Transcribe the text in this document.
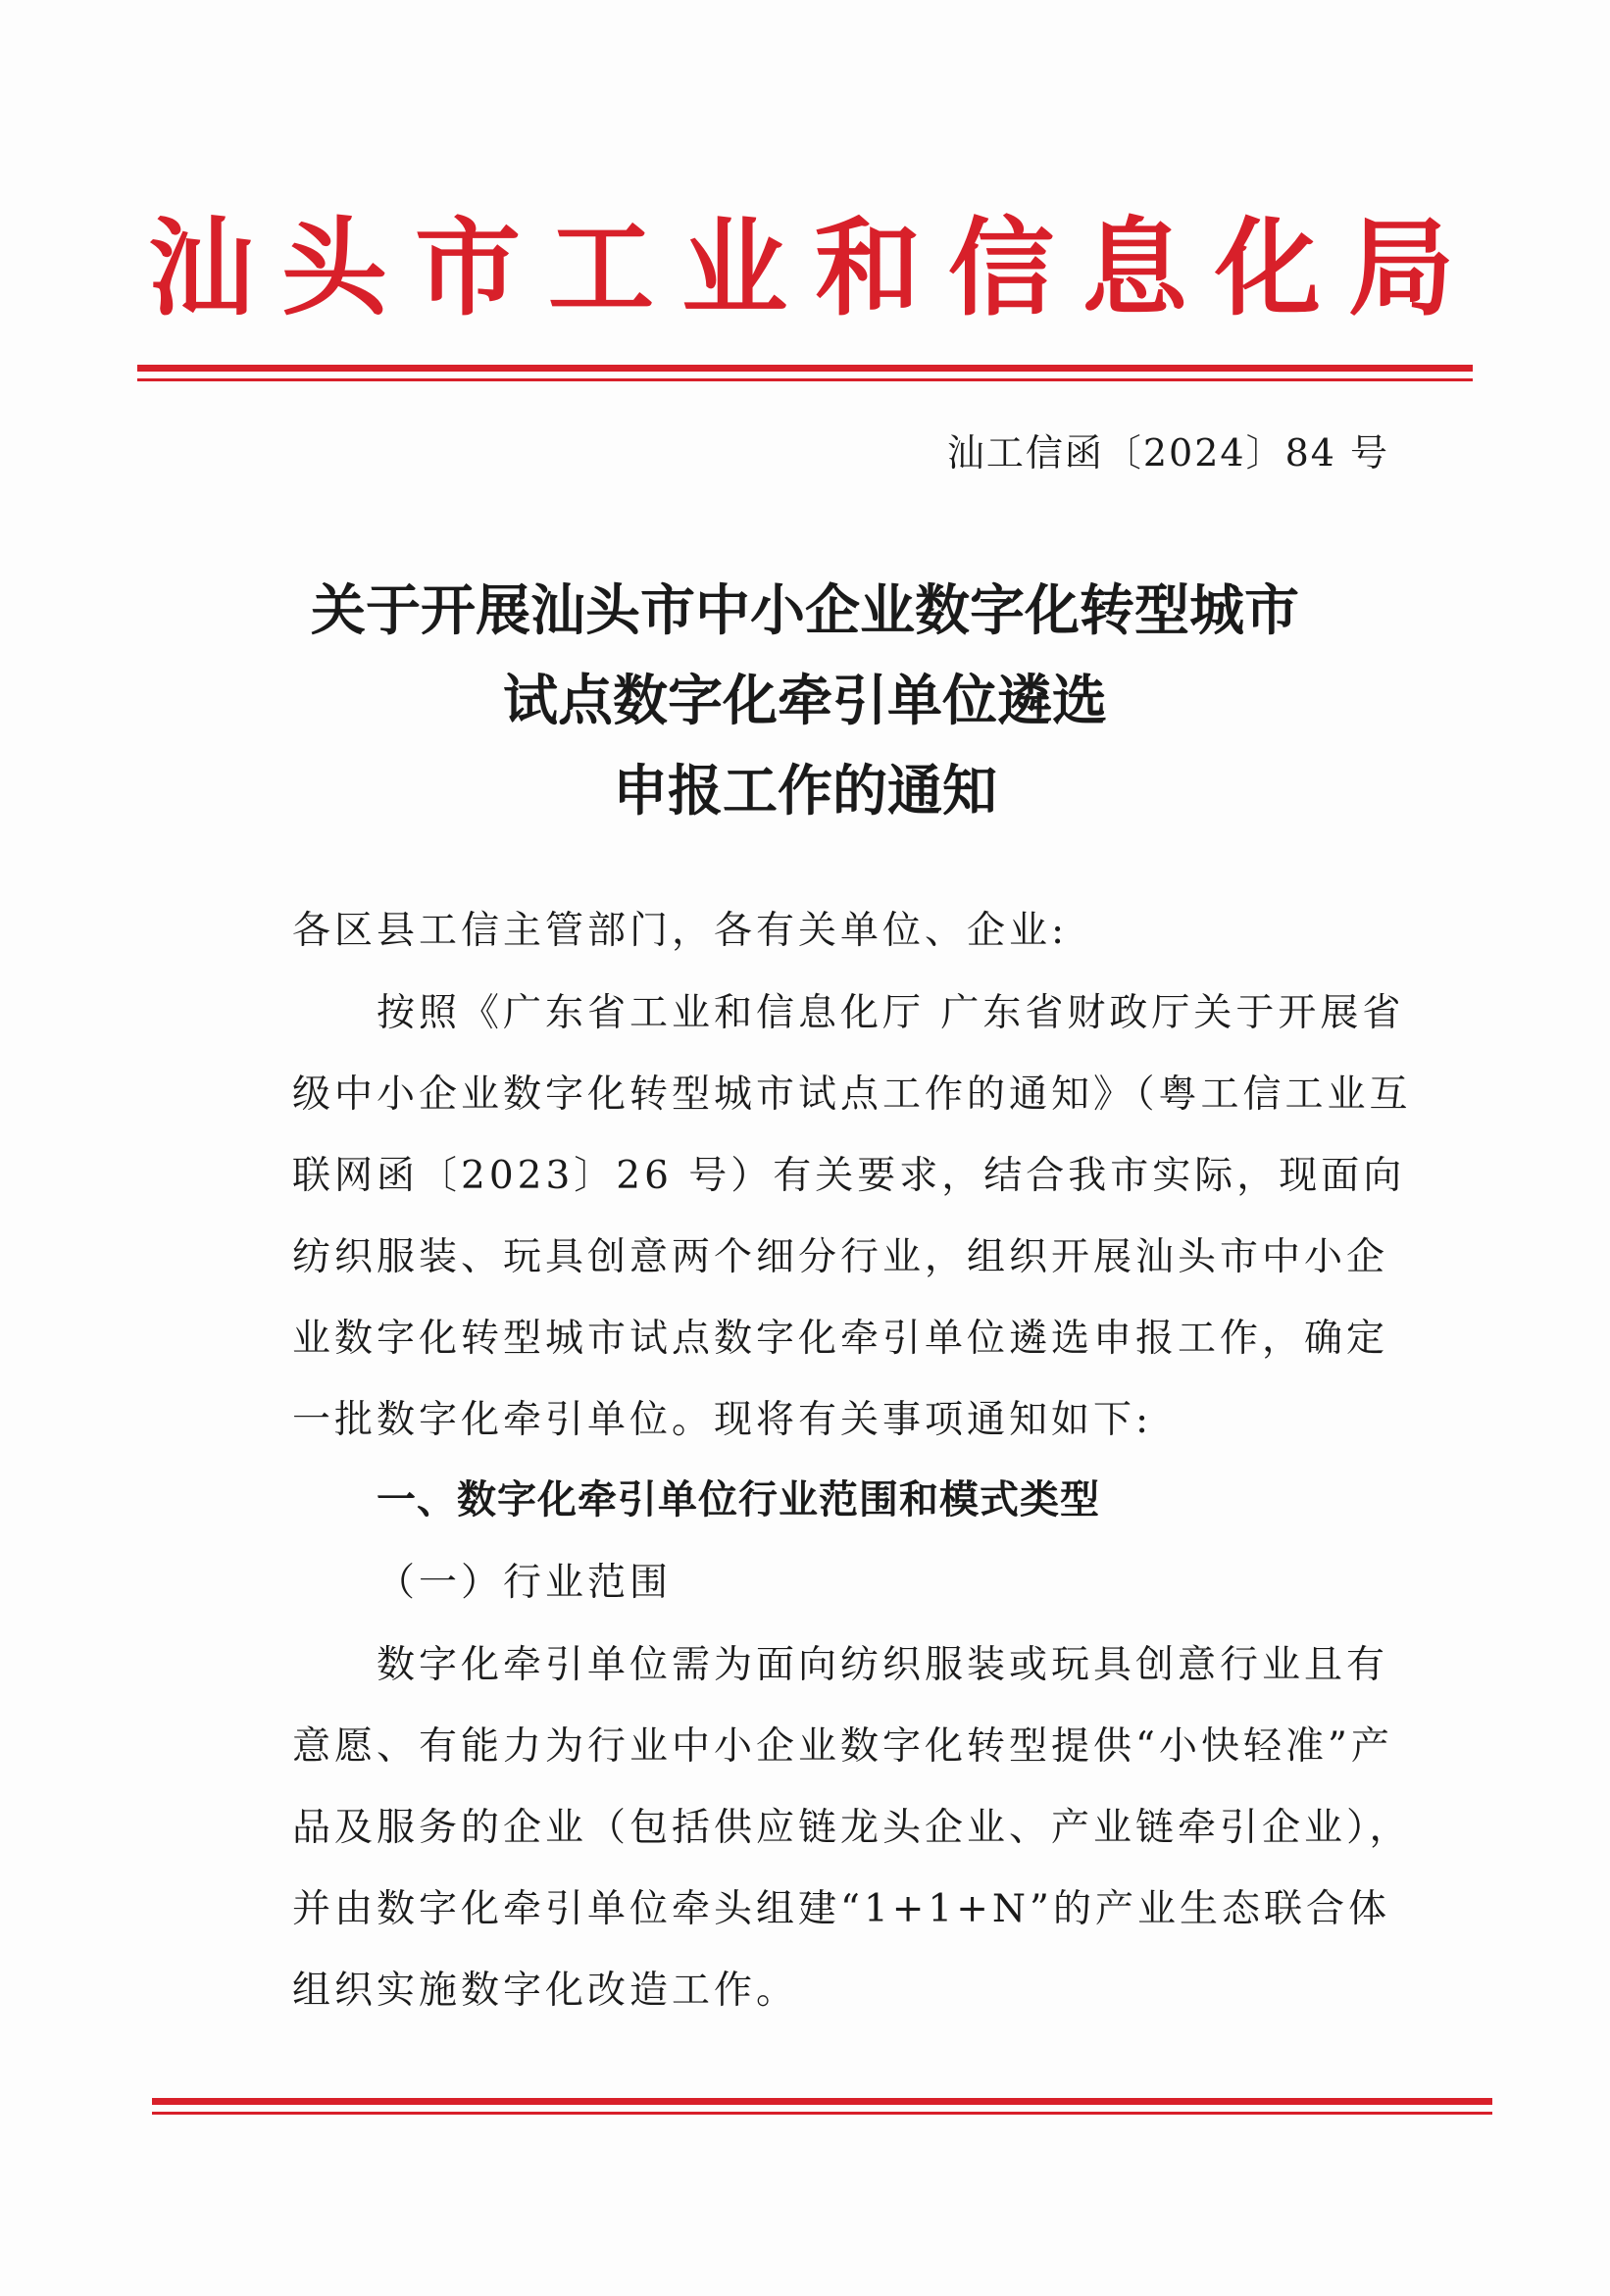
汕头市工业和信息化局
汕工信函〔2024〕84 号
关于开展汕头市中小企业数字化转型城市
试点数字化牵引单位遴选
申报工作的通知
各区县工信主管部门，各有关单位、企业:
按照《广东省工业和信息化厅 广东省财政厅关于开展省级中小企业数字化转型城市试点工作的通知》（粤工信工业互联网函〔2023〕26 号）有关要求，结合我市实际，现面向纺织服装、玩具创意两个细分行业，组织开展汕头市中小企业数字化转型城市试点数字化牵引单位遴选申报工作，确定一批数字化牵引单位。现将有关事项通知如下:
一、数字化牵引单位行业范围和模式类型
（一）行业范围
数字化牵引单位需为面向纺织服装或玩具创意行业且有意愿、有能力为行业中小企业数字化转型提供“小快轻准”产品及服务的企业（包括供应链龙头企业、产业链牵引企业），并由数字化牵引单位牵头组建“1+1+N”的产业生态联合体组织实施数字化改造工作。
